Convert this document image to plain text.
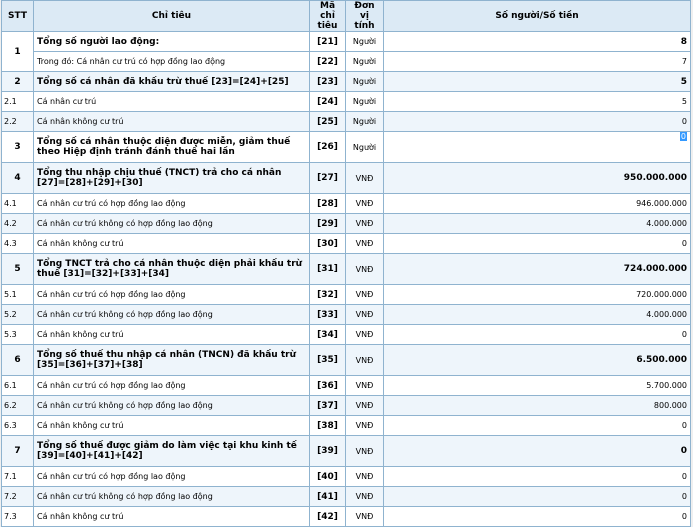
STT	Chỉ tiêu	Mã chỉ tiêu	Đơn vị tính	Số người/Số tiền
1	Tổng số người lao động:	[21]	Người	8
	Trong đó: Cá nhân cư trú có hợp đồng lao động	[22]	Người	7
2	Tổng số cá nhân đã khấu trừ thuế [23]=[24]+[25]	[23]	Người	5
2.1	Cá nhân cư trú	[24]	Người	5
2.2	Cá nhân không cư trú	[25]	Người	0
3	Tổng số cá nhân thuộc diện được miễn, giảm thuế theo Hiệp định tránh đánh thuế hai lần	[26]	Người	0
4	Tổng thu nhập chịu thuế (TNCT) trả cho cá nhân [27]=[28]+[29]+[30]	[27]	VNĐ	950.000.000
4.1	Cá nhân cư trú có hợp đồng lao động	[28]	VNĐ	946.000.000
4.2	Cá nhân cư trú không có hợp đồng lao động	[29]	VNĐ	4.000.000
4.3	Cá nhân không cư trú	[30]	VNĐ	0
5	Tổng TNCT trả cho cá nhân thuộc diện phải khấu trừ thuế [31]=[32]+[33]+[34]	[31]	VNĐ	724.000.000
5.1	Cá nhân cư trú có hợp đồng lao động	[32]	VNĐ	720.000.000
5.2	Cá nhân cư trú không có hợp đồng lao động	[33]	VNĐ	4.000.000
5.3	Cá nhân không cư trú	[34]	VNĐ	0
6	Tổng số thuế thu nhập cá nhân (TNCN) đã khấu trừ [35]=[36]+[37]+[38]	[35]	VNĐ	6.500.000
6.1	Cá nhân cư trú có hợp đồng lao động	[36]	VNĐ	5.700.000
6.2	Cá nhân cư trú không có hợp đồng lao động	[37]	VNĐ	800.000
6.3	Cá nhân không cư trú	[38]	VNĐ	0
7	Tổng số thuế được giảm do làm việc tại khu kinh tế [39]=[40]+[41]+[42]	[39]	VNĐ	0
7.1	Cá nhân cư trú có hợp đồng lao động	[40]	VNĐ	0
7.2	Cá nhân cư trú không có hợp đồng lao động	[41]	VNĐ	0
7.3	Cá nhân không cư trú	[42]	VNĐ	0
